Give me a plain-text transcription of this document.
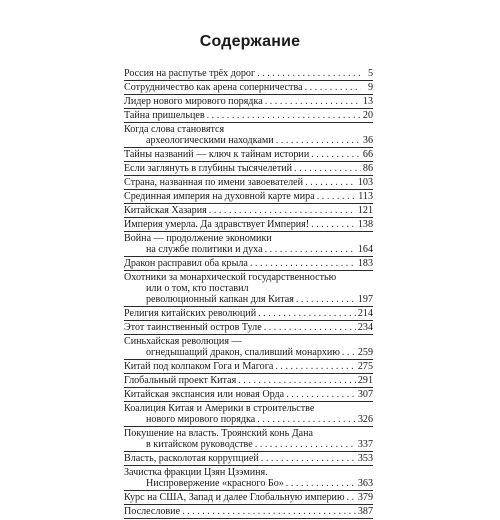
Содержание
Россия на распутье трёх дорог . . .	5
Сотрудничество как арена соперничества . . .	9
Лидер нового мирового порядка . . .	13
Тайна пришельцев . . .	20
Когда слова становятся
археологическими находками . . .	36
Тайны названий — ключ к тайнам истории . . .	66
Если заглянуть в глубины тысячелетий . . .	86
Страна, названная по имени завоевателей . . .	103
Срединная империя на духовной карте мира . . .	113
Китайская Хазария . . .	121
Империя умерла. Да здравствует Империя! . . .	138
Война — продолжение экономики
на службе политики и духа . . .	164
Дракон расправил оба крыла . . .	183
Охотники за монархической государственностью
или о том, кто поставил
революционный капкан для Китая . . .	197
Религия китайских революций . . .	214
Этот таинственный остров Туле . . .	234
Синьхайская революция —
огнедышащий дракон, спаливший монархию . . . 259
Китай под колпаком Гога и Магога . . .	275
Глобальный проект Китая . . .	291
Китайская экспансия или новая Орда . . .	307
Коалиция Китая и Америки в строительстве
нового мирового порядка . . .	326
Покушение на власть. Троянский конь Дана
в китайском руководстве . . .	337
Власть, расколотая коррупцией . . .	353
Зачистка фракции Цзян Цзэминя.
Ниспровержение «красного Бо» . . .	363
Курс на США, Запад и далее Глобальную империю . . . 379
Послесловие . . .	387
